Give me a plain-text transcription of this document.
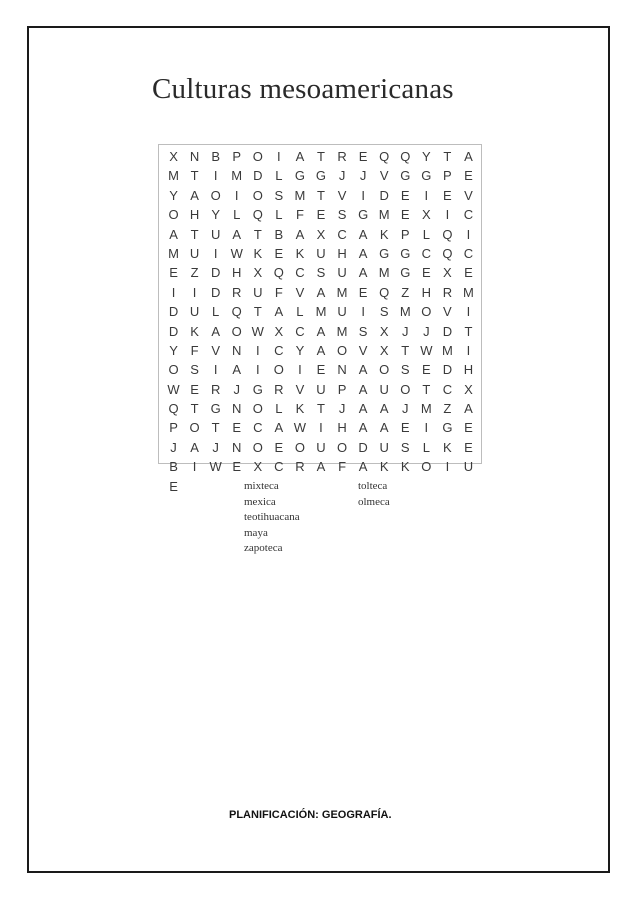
Culturas mesoamericanas
X N B P O	I	A T R E Q Q Y T A
M T	I	M D L G G J	J	V G G P E
Y A O	I	O S M T V	I	D E	I	E V
O H Y	L Q L	F E S G M E X	I	C
A T U A T B A X C A K P	L Q	I
M U	I	W K E K U H A G G C Q C
E Z D H X Q C S U A M G E X E
I	I	D R U F V A M E Q Z H R M
D U L Q T A	L M U	I	S M O V	I
D K A O W X C A M S X	J	J	D T
Y F V N	I	C Y A O V X T W M	I
O S	I	A	I	O	I	E N A O S E D H
W E R	J G R V U P A U O T C X
Q T G N O L	K T	J	A A	J M Z A
P O T E C A W	I	H A A E	I	G E
J	A	J	N O E O U O D U S	L	K E
B	I	W E X C R A F A K K O	I	U
E	mixteca
mexica
teotihuacana
maya
zapoteca
tolteca
olmeca
PLANIFICACIÓN: GEOGRAFÍA.
